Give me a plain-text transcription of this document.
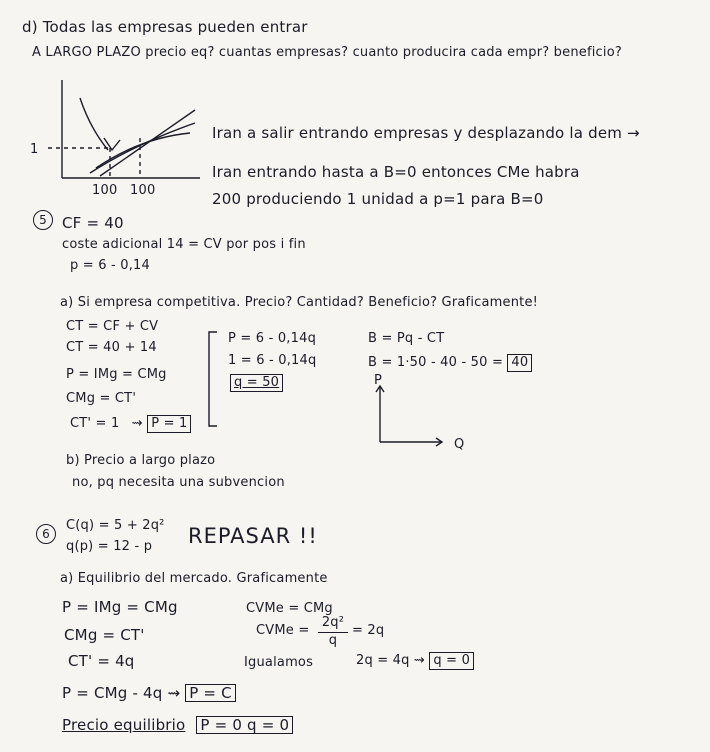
d) Todas las empresas pueden entrar
A LARGO PLAZO precio eq? cuantas empresas? cuanto producira cada empr? beneficio?
1
100 100
Iran a salir entrando empresas y desplazando la dem →
Iran entrando hasta a B=0 entonces CMe habra
200 produciendo 1 unidad a p=1 para B=0
5	CF = 40
coste adicional 14 = CV por pos i fin
p = 6 - 0,14
a) Si empresa competitiva. Precio? Cantidad? Beneficio? Graficamente!
CT = CF + CV
CT = 40 + 14
P = IMg = CMg
CMg = CT'
CT' = 1 ⇝ P = 1
P = 6 - 0,14q
1 = 6 - 0,14q
q = 50
B = Pq - CT
B = 1·50 - 40 - 50 = 40
P
Q
b) Precio a largo plazo
no, pq necesita una subvencion
6
C(q) = 5 + 2q²
q(p) = 12 - p REPASAR !!
a) Equilibrio del mercado. Graficamente
P = IMg = CMg
CMg = CT'
CT' = 4q
CVMe = CMg
CVMe =
2q²
q
= 2q
Igualamos	2q = 4q ⇝ q = 0
P = CMg - 4q ⇝ P = C
Precio equilibrio P = 0 q = 0
